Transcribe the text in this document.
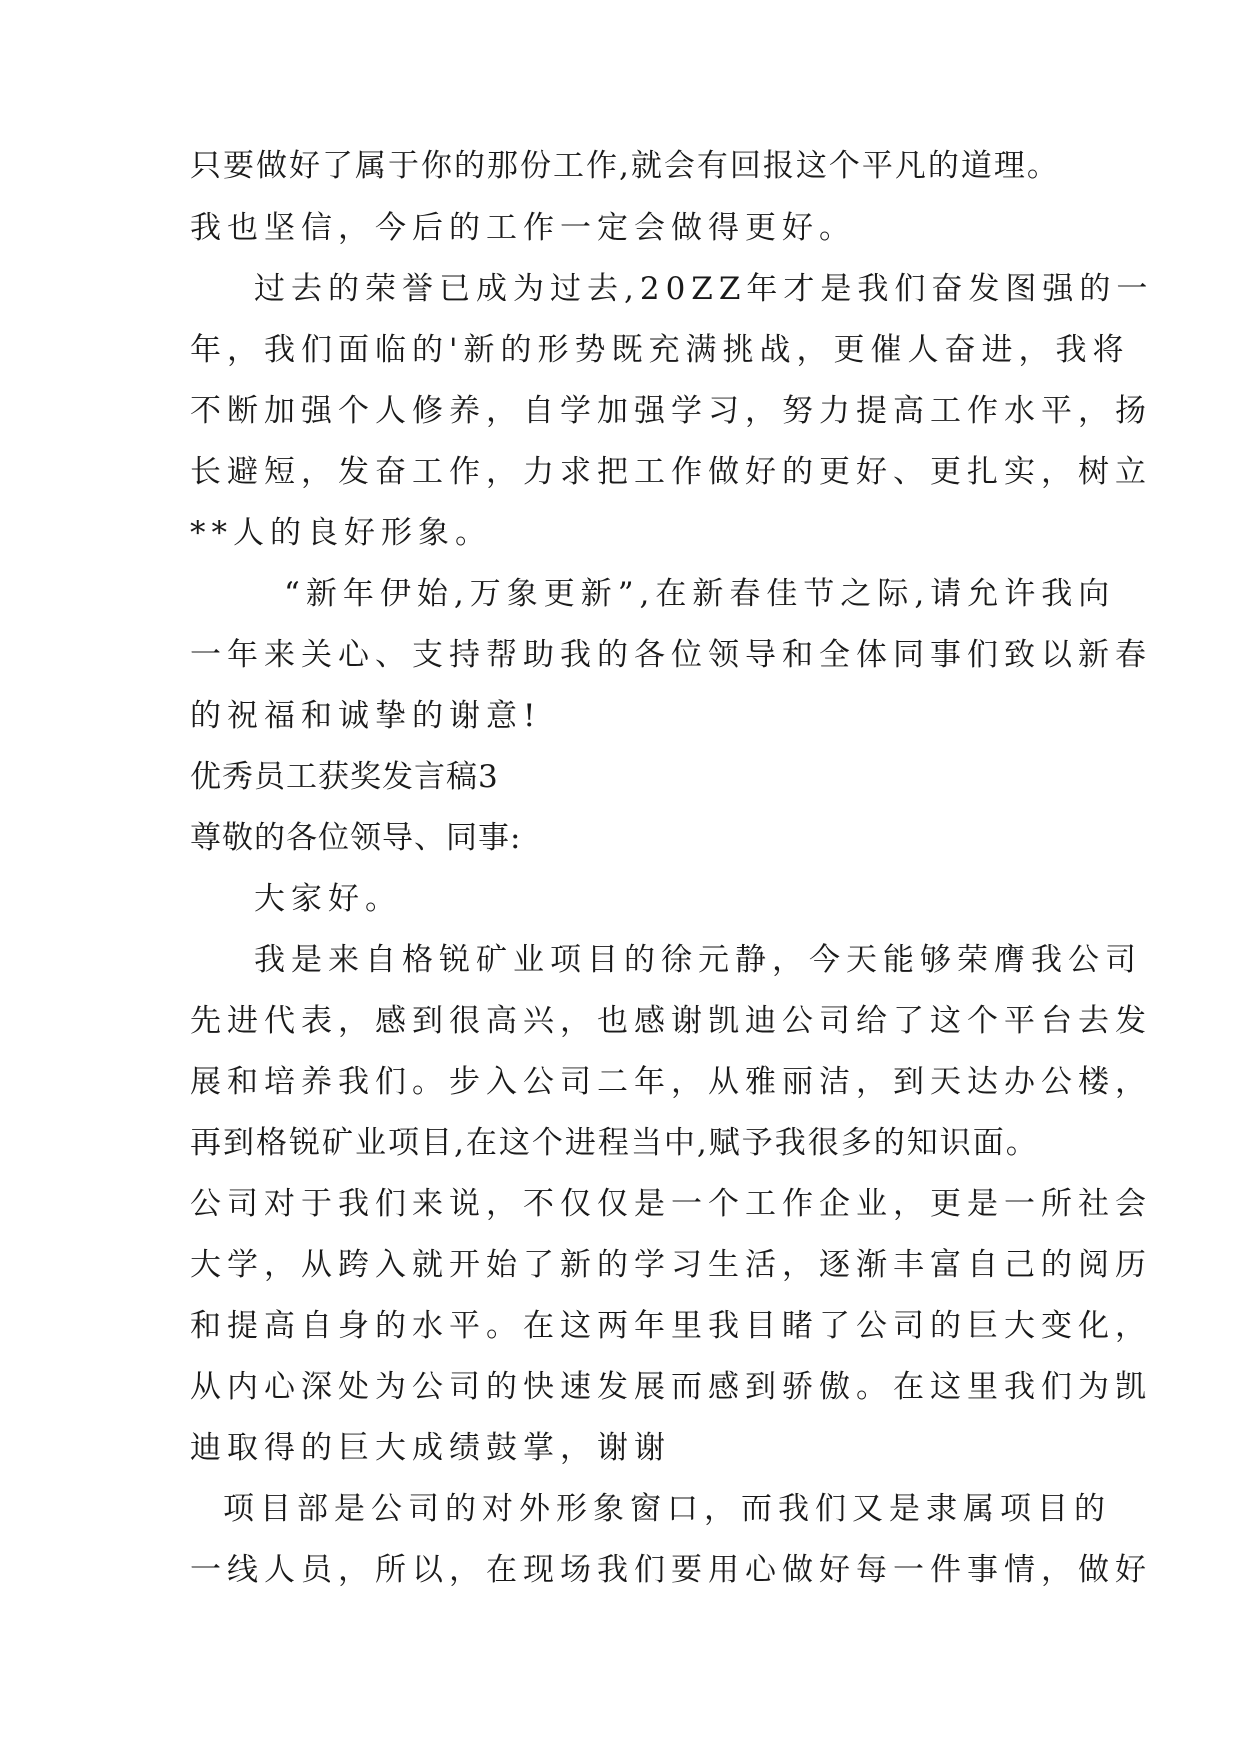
只要做好了属于你的那份工作,就会有回报这个平凡的道理。

我也坚信，今后的工作一定会做得更好。

过去的荣誉已成为过去,20ZZ年才是我们奋发图强的一

年，我们面临的'新的形势既充满挑战，更催人奋进，我将

不断加强个人修养，自学加强学习，努力提高工作水平，扬

长避短，发奋工作，力求把工作做好的更好、更扎实，树立

**人的良好形象。

“新年伊始,万象更新”,在新春佳节之际,请允许我向

一年来关心、支持帮助我的各位领导和全体同事们致以新春

的祝福和诚挚的谢意!

优秀员工获奖发言稿3

尊敬的各位领导、同事:

大家好。

我是来自格锐矿业项目的徐元静，今天能够荣膺我公司

先进代表，感到很高兴，也感谢凯迪公司给了这个平台去发

展和培养我们。步入公司二年，从雅丽洁，到天达办公楼，

再到格锐矿业项目,在这个进程当中,赋予我很多的知识面。

公司对于我们来说，不仅仅是一个工作企业，更是一所社会

大学，从跨入就开始了新的学习生活，逐渐丰富自己的阅历

和提高自身的水平。在这两年里我目睹了公司的巨大变化，

从内心深处为公司的快速发展而感到骄傲。在这里我们为凯

迪取得的巨大成绩鼓掌，谢谢

项目部是公司的对外形象窗口，而我们又是隶属项目的

一线人员，所以，在现场我们要用心做好每一件事情，做好
